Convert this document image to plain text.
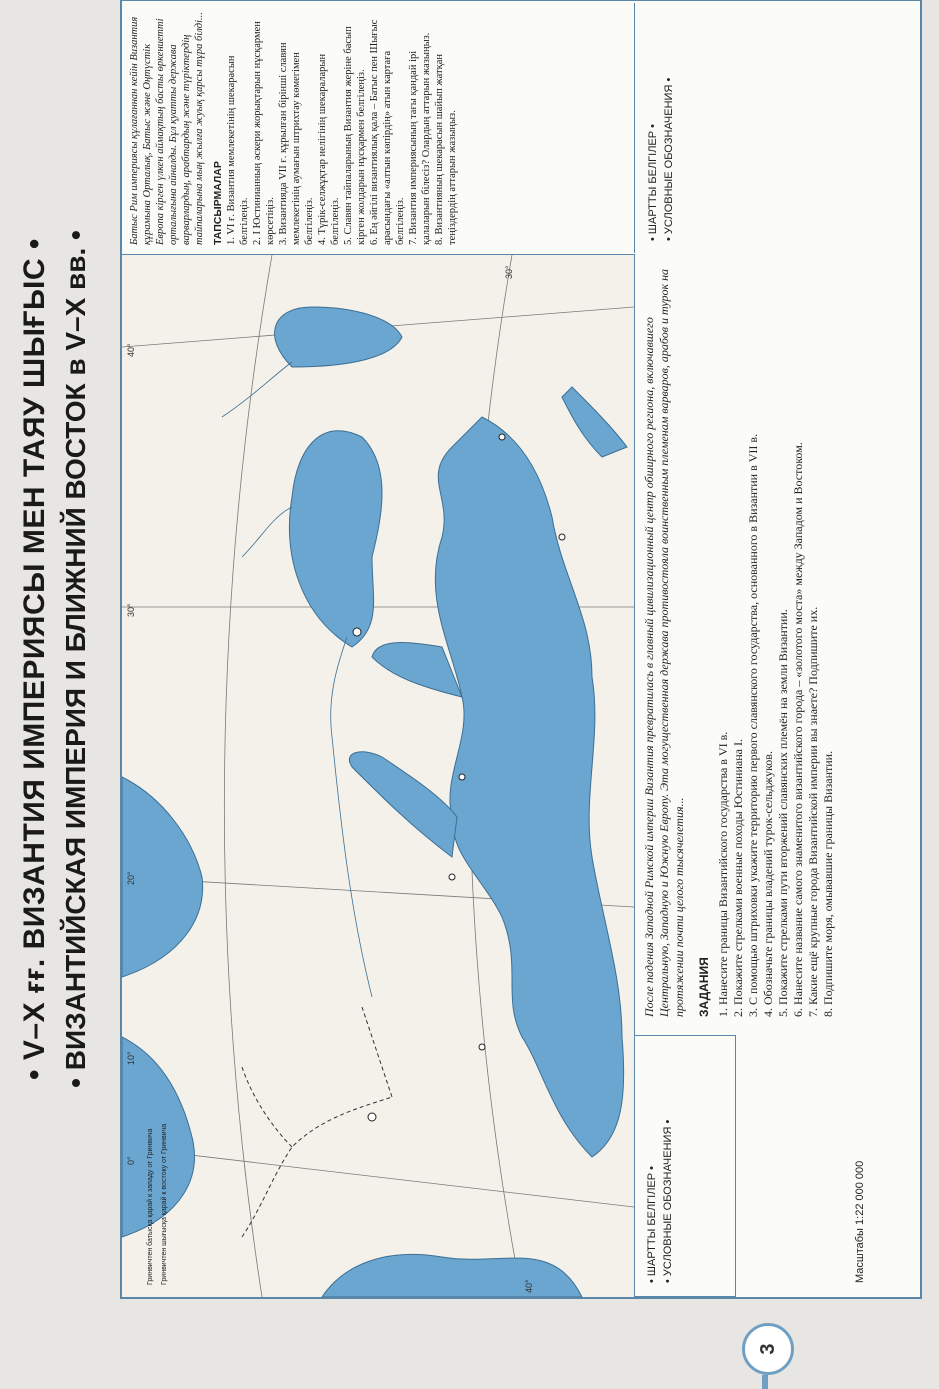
• V–X ғғ. ВИЗАНТИЯ ИМПЕРИЯСЫ МЕН ТАЯУ ШЫҒЫС • • ВИЗАНТИЙСКАЯ ИМПЕРИЯ И БЛИЖНИЙ ВОСТОК в V–X вв. •
0°
10°
20°
30°
40°
40°
30°
Гринвичтен батысқа қарай к западу от Гринвича Гринвичтен шығысқа қарай к востоку от Гринвича	• ШАРТТЫ БЕЛГІЛЕР • • УСЛОВНЫЕ ОБОЗНАЧЕНИЯ •	Масштабы 1:22 000 000
После падения Западной Римской империи Византия превратилась в главный цивилизационный центр обширного региона, включавшего Центральную, Западную и Южную Европу. Эта могущественная держава противостояла воинственным племенам варваров, арабов и турок на протяжении почти целого тысячелетия... ЗАДАНИЯ 1. Нанесите границы Византийского государства в VI в. 2. Покажите стрелками военные походы Юстиниана I. 3. С помощью штриховки укажите территорию первого славянского государства, основанного в Византии в VII в. 4. Обозначьте границы владений турок-сельджуков. 5. Покажите стрелками пути вторжений славянских племён на земли Византии. 6. Нанесите название самого знаменитого византийского города – «золотого моста» между Западом и Востоком. 7. Какие ещё крупные города Византийской империи вы знаете? Подпишите их. 8. Подпишите моря, омывавшие границы Византии.
Батыс Рим империясы құлағаннан кейін Византия құрамына Орталық, Батыс және Оңтүстік Европа кірген үлкен аймақтың басты өркениетті орталығына айналды. Бұл қуатты держава варварлардың, арабтардың және түріктердің тайпаларына мың жылға жуық қарсы тұра білді... ТАПСЫРМАЛАР 1. VI ғ. Византия мемлекетінің шекарасын белгілеңіз. 2. I Юстинианның әскери жорықтарын нұсқармен көрсетіңіз. 3. Византияда VII ғ. құрылған бірінші славян мемлекетінің аумағын штрихтау көмегімен белгілеңіз. 4. Түрік-селжұқтар иелігінің шекараларын белгілеңіз. 5. Славян тайпаларының Византия жеріне басып кірген жолдарын нұсқармен белгілеңіз. 6. Ең әйгілі византиялық қала – Батыс пен Шығыс арасындағы «алтын көпірдің» атын картаға белгілеңіз. 7. Византия империясының тағы қандай ірі қалаларын білесіз? Олардың аттарын жазыңыз. 8. Византияның шекарасын шайып жатқан теңіздердің аттарын жазыңыз.	• ШАРТТЫ БЕЛГІЛЕР • • УСЛОВНЫЕ ОБОЗНАЧЕНИЯ •
3
